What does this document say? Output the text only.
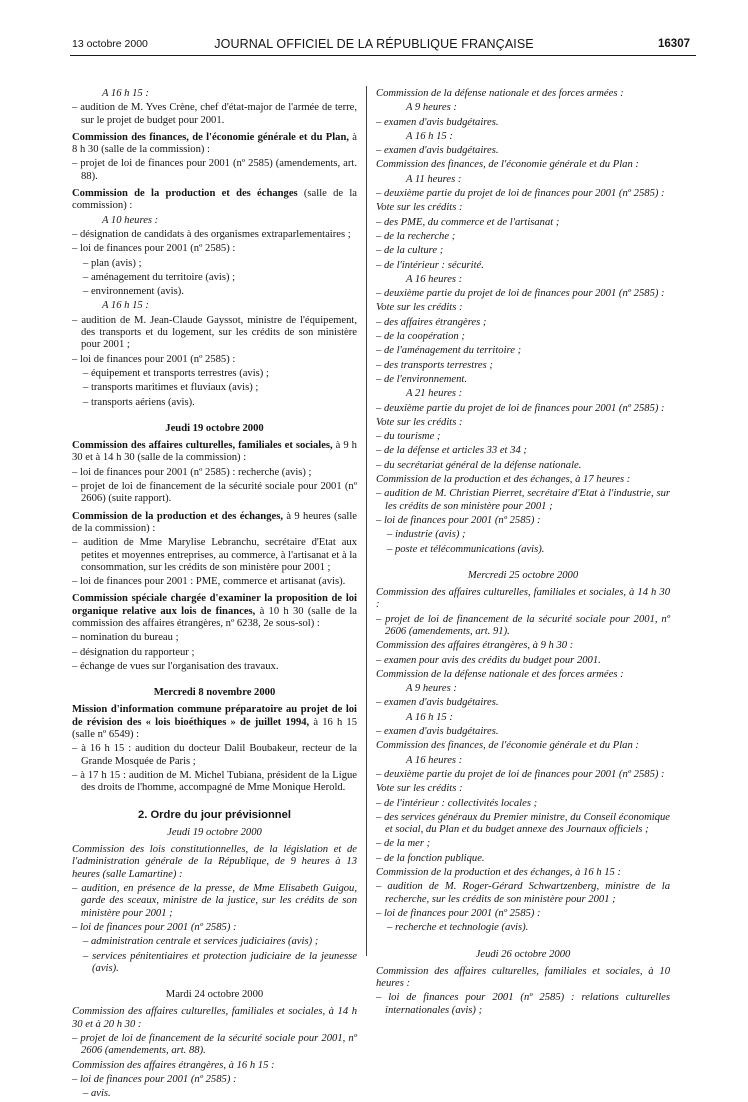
13 octobre 2000	JOURNAL OFFICIEL DE LA RÉPUBLIQUE FRANÇAISE	16307

A 16 h 15 :

– audition de M. Yves Crène, chef d'état-major de l'armée de terre, sur le projet de budget pour 2001.

Commission des finances, de l'économie générale et du Plan, à 8 h 30 (salle de la commission) :

– projet de loi de finances pour 2001 (nº 2585) (amendements, art. 88).

Commission de la production et des échanges (salle de la commission) :

A 10 heures :

– désignation de candidats à des organismes extraparlementaires ;

– loi de finances pour 2001 (nº 2585) :

– plan (avis) ;

– aménagement du territoire (avis) ;

– environnement (avis).

A 16 h 15 :

– audition de M. Jean-Claude Gayssot, ministre de l'équipement, des transports et du logement, sur les crédits de son ministère pour 2001 ;

– loi de finances pour 2001 (nº 2585) :

– équipement et transports terrestres (avis) ;

– transports maritimes et fluviaux (avis) ;

– transports aériens (avis).

Jeudi 19 octobre 2000

Commission des affaires culturelles, familiales et sociales, à 9 h 30 et à 14 h 30 (salle de la commission) :

– loi de finances pour 2001 (nº 2585) : recherche (avis) ;

– projet de loi de financement de la sécurité sociale pour 2001 (nº 2606) (suite rapport).

Commission de la production et des échanges, à 9 heures (salle de la commission) :

– audition de Mme Marylise Lebranchu, secrétaire d'Etat aux petites et moyennes entreprises, au commerce, à l'artisanat et à la consommation, sur les crédits de son ministère pour 2001 ;

– loi de finances pour 2001 : PME, commerce et artisanat (avis).

Commission spéciale chargée d'examiner la proposition de loi organique relative aux lois de finances, à 10 h 30 (salle de la commission des affaires étrangères, nº 6238, 2e sous-sol) :

– nomination du bureau ;

– désignation du rapporteur ;

– échange de vues sur l'organisation des travaux.

Mercredi 8 novembre 2000

Mission d'information commune préparatoire au projet de loi de révision des « lois bioéthiques » de juillet 1994, à 16 h 15 (salle nº 6549) :

– à 16 h 15 : audition du docteur Dalil Boubakeur, recteur de la Grande Mosquée de Paris ;

– à 17 h 15 : audition de M. Michel Tubiana, président de la Ligue des droits de l'homme, accompagné de Mme Monique Herold.

2. Ordre du jour prévisionnel

Jeudi 19 octobre 2000

Commission des lois constitutionnelles, de la législation et de l'administration générale de la République, de 9 heures à 13 heures (salle Lamartine) :

– audition, en présence de la presse, de Mme Elisabeth Guigou, garde des sceaux, ministre de la justice, sur les crédits de son ministère pour 2001 ;

– loi de finances pour 2001 (nº 2585) :

– administration centrale et services judiciaires (avis) ;

– services pénitentiaires et protection judiciaire de la jeunesse (avis).

Mardi 24 octobre 2000

Commission des affaires culturelles, familiales et sociales, à 14 h 30 et à 20 h 30 :

– projet de loi de financement de la sécurité sociale pour 2001, nº 2606 (amendements, art. 88).

Commission des affaires étrangères, à 16 h 15 :

– loi de finances pour 2001 (nº 2585) :

– avis.

Commission de la défense nationale et des forces armées :

A 9 heures :

– examen d'avis budgétaires.

A 16 h 15 :

– examen d'avis budgétaires.

Commission des finances, de l'économie générale et du Plan :

A 11 heures :

– deuxième partie du projet de loi de finances pour 2001 (nº 2585) :

Vote sur les crédits :

– des PME, du commerce et de l'artisanat ;

– de la recherche ;

– de la culture ;

– de l'intérieur : sécurité.

A 16 heures :

– deuxième partie du projet de loi de finances pour 2001 (nº 2585) :

Vote sur les crédits :

– des affaires étrangères ;

– de la coopération ;

– de l'aménagement du territoire ;

– des transports terrestres ;

– de l'environnement.

A 21 heures :

– deuxième partie du projet de loi de finances pour 2001 (nº 2585) :

Vote sur les crédits :

– du tourisme ;

– de la défense et articles 33 et 34 ;

– du secrétariat général de la défense nationale.

Commission de la production et des échanges, à 17 heures :

– audition de M. Christian Pierret, secrétaire d'Etat à l'industrie, sur les crédits de son ministère pour 2001 ;

– loi de finances pour 2001 (nº 2585) :

– industrie (avis) ;

– poste et télécommunications (avis).

Mercredi 25 octobre 2000

Commission des affaires culturelles, familiales et sociales, à 14 h 30 :

– projet de loi de financement de la sécurité sociale pour 2001, nº 2606 (amendements, art. 91).

Commission des affaires étrangères, à 9 h 30 :

– examen pour avis des crédits du budget pour 2001.

Commission de la défense nationale et des forces armées :

A 9 heures :

– examen d'avis budgétaires.

A 16 h 15 :

– examen d'avis budgétaires.

Commission des finances, de l'économie générale et du Plan :

A 16 heures :

– deuxième partie du projet de loi de finances pour 2001 (nº 2585) :

Vote sur les crédits :

– de l'intérieur : collectivités locales ;

– des services généraux du Premier ministre, du Conseil économique et social, du Plan et du budget annexe des Journaux officiels ;

– de la mer ;

– de la fonction publique.

Commission de la production et des échanges, à 16 h 15 :

– audition de M. Roger-Gérard Schwartzenberg, ministre de la recherche, sur les crédits de son ministère pour 2001 ;

– loi de finances pour 2001 (nº 2585) :

– recherche et technologie (avis).

Jeudi 26 octobre 2000

Commission des affaires culturelles, familiales et sociales, à 10 heures :

– loi de finances pour 2001 (nº 2585) : relations culturelles internationales (avis) ;
